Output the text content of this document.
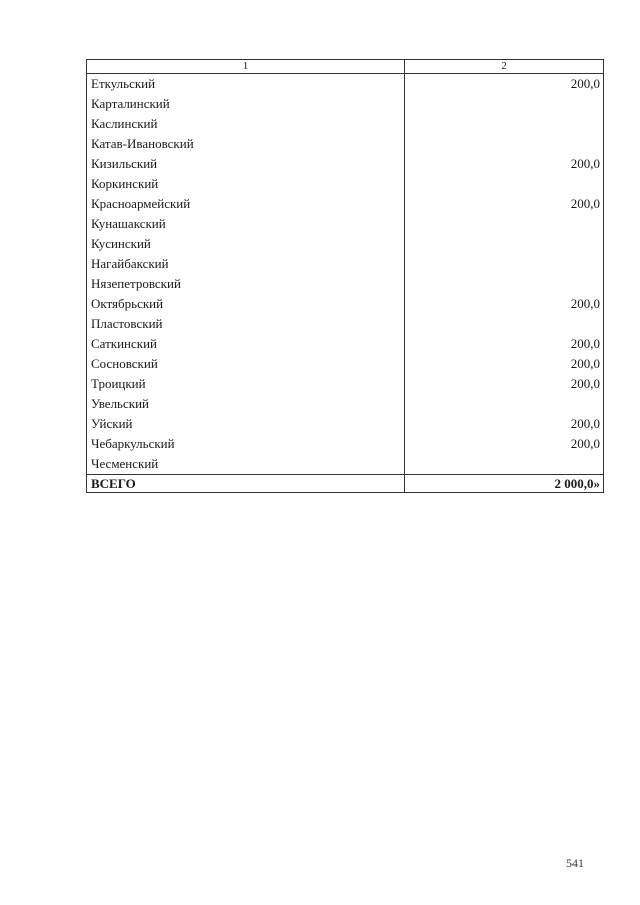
1	2
Еткульский	200,0
Карталинский	
Каслинский	
Катав-Ивановский	
Кизильский	200,0
Коркинский	
Красноармейский	200,0
Кунашакский	
Кусинский	
Нагайбакский	
Нязепетровский	
Октябрьский	200,0
Пластовский	
Саткинский	200,0
Сосновский	200,0
Троицкий	200,0
Увельский	
Уйский	200,0
Чебаркульский	200,0
Чесменский	
ВСЕГО	2 000,0»
541
